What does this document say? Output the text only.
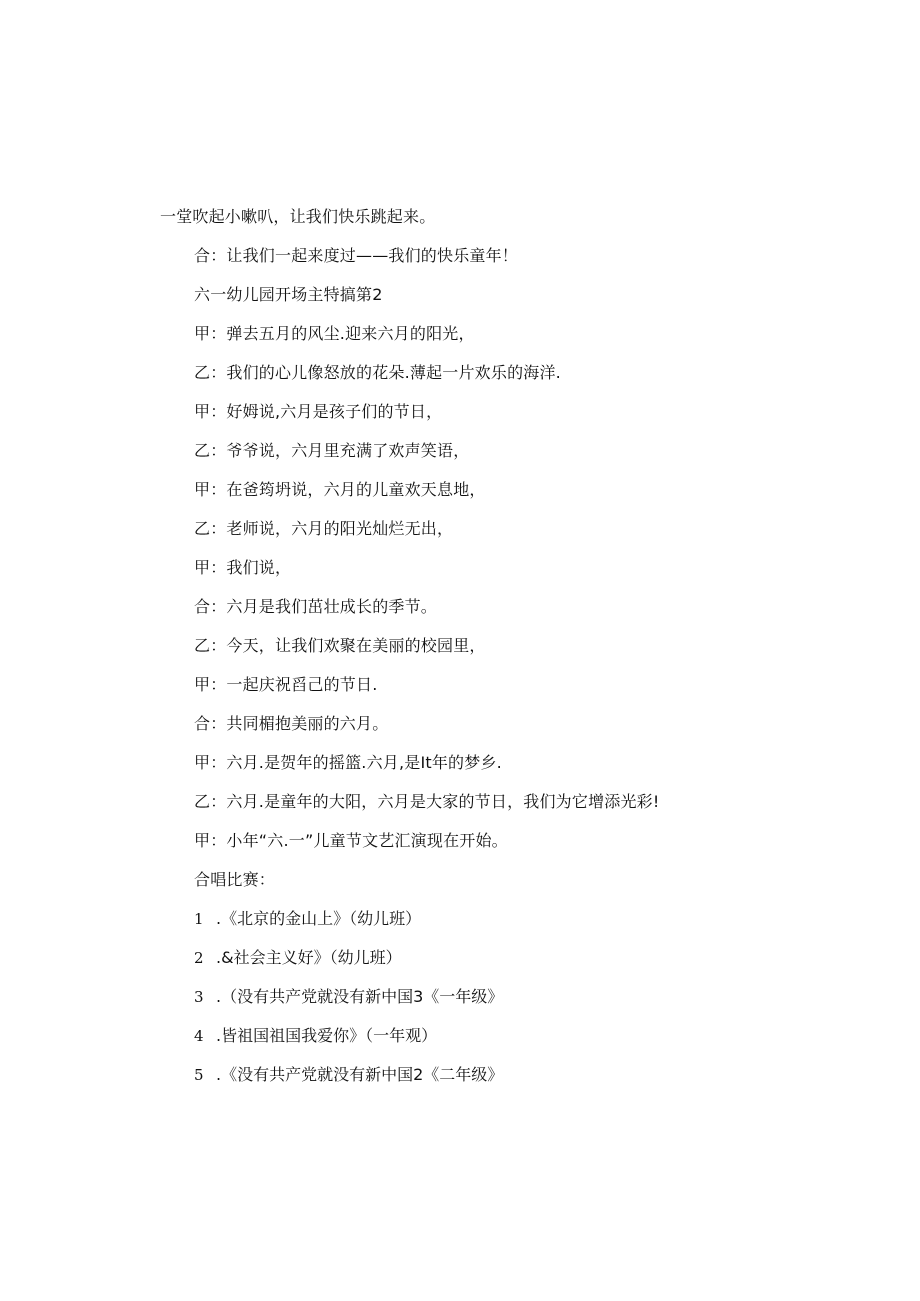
一堂吹起小嗽叭，让我们快乐跳起来。
合：让我们一起来度过——我们的快乐童年！
六一幼儿园开场主特搞第2
甲：弹去五月的风尘.迎来六月的阳光，
乙：我们的心儿像怒放的花朵.薄起一片欢乐的海洋.
甲：好姆说,六月是孩子们的节日，
乙：爷爷说，六月里充满了欢声笑语，
甲：在爸筠坍说，六月的儿童欢天息地，
乙：老师说，六月的阳光灿烂无出，
甲：我们说，
合：六月是我们茁壮成长的季节。
乙：今天，让我们欢聚在美丽的校园里，
甲：一起庆祝舀己的节日.
合：共同楣抱美丽的六月。
甲：六月.是贺年的摇篮.六月,是It年的梦乡.
乙：六月.是童年的大阳，六月是大家的节日，我们为它增添光彩!
甲：小年“六.一”儿童节文艺汇演现在开始。
合唱比赛：
1 .《北京的金山上》（幼儿班）
2 .&社会主义好》（幼儿班）
3 .（没有共产党就没有新中国3《一年级》
4 .皆祖国祖国我爱你》（一年观）
5 .《没有共产党就没有新中国2《二年级》
